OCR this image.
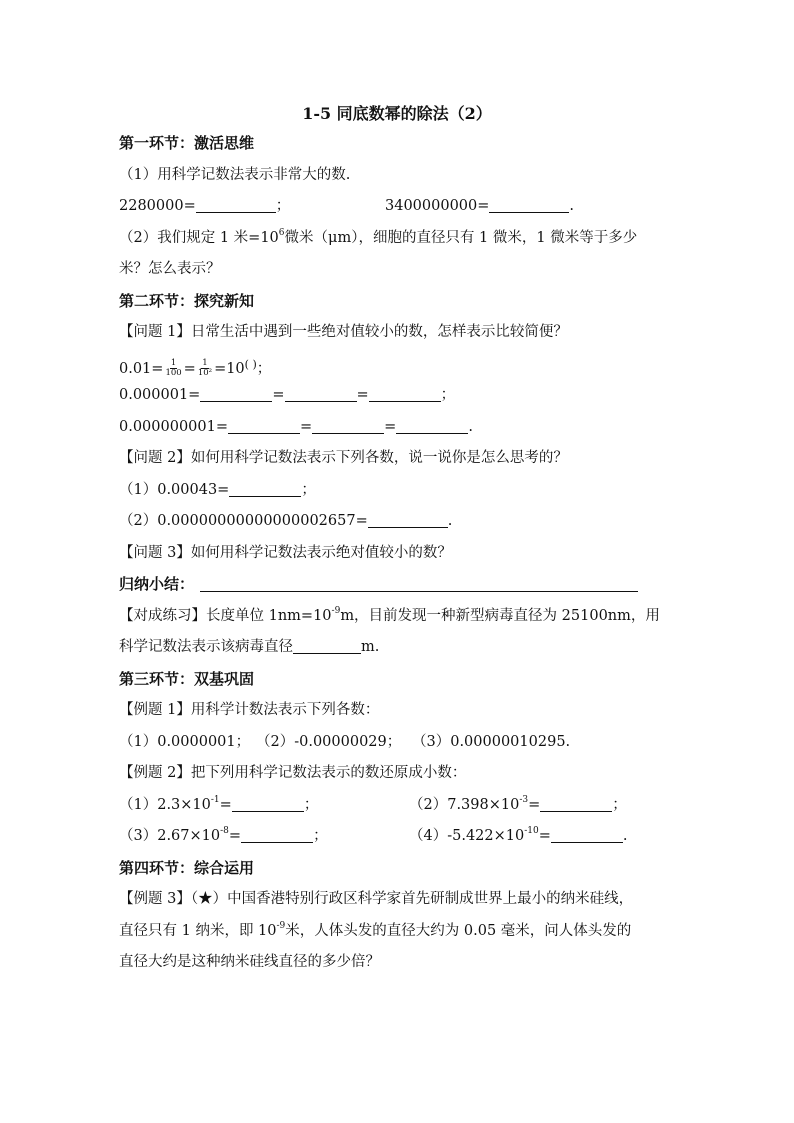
1-5 同底数幂的除法（2）
第一环节：激活思维
（1）用科学记数法表示非常大的数.
2280000=	；	3400000000=	.
（2）我们规定 1 米$=10^6$微米（μm），细胞的直径只有 1 微米，1 微米等于多少
米？怎么表示？
第二环节：探究新知
【问题 1】日常生活中遇到一些绝对值较小的数，怎样表示比较简便？
$0.01= \frac{1}{100} = \frac{1}{\text{10²}} =10^{( )}$；
0.000001=	=	=	；
0.000000001=	=	=	.
【问题 2】如何用科学记数法表示下列各数，说一说你是怎么思考的？
（1）0.00043=	；
（2）0.00000000000000002657=	.
【问题 3】如何用科学记数法表示绝对值较小的数？
归纳小结：
【对成练习】长度单位 $1nm=10^{-9}m$，目前发现一种新型病毒直径为 25100nm，用
科学记数法表示该病毒直径	m.
第三环节：双基巩固
【例题 1】用科学计数法表示下列各数：
（1）0.0000001； （2）-0.00000029； （3）0.00000010295.
【例题 2】把下列用科学记数法表示的数还原成小数：
$(1)2.3\times 10^{-1}=$	；	$(2)7.398\times 10^{-3}=$	；
$(3)2.67\times 10^{-8}=$	；	$(4)-5.422\times 10^{-10}=$	.
第四环节：综合运用
【例题 3】（★）中国香港特别行政区科学家首先研制成世界上最小的纳米硅线，
直径只有 1 纳米，即 $10^{-9}$米，人体头发的直径大约为 0.05 毫米，问人体头发的
直径大约是这种纳米硅线直径的多少倍？
